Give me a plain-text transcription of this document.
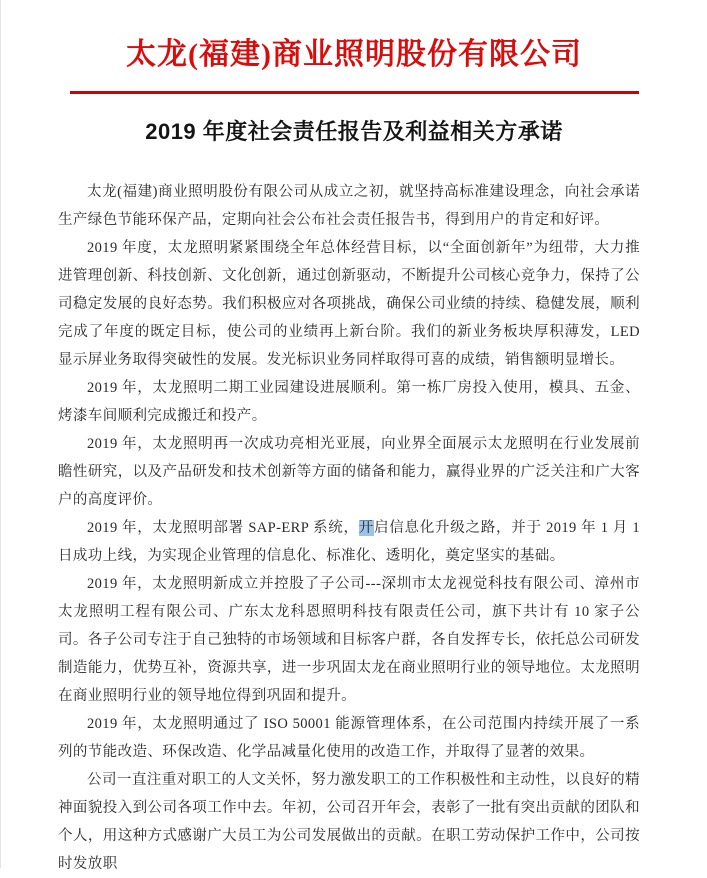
太龙(福建)商业照明股份有限公司
2019 年度社会责任报告及利益相关方承诺

太龙(福建)商业照明股份有限公司从成立之初，就坚持高标准建设理念，向社会承诺生产绿色节能环保产品，定期向社会公布社会责任报告书，得到用户的肯定和好评。

2019 年度，太龙照明紧紧围绕全年总体经营目标，以“全面创新年”为纽带，大力推进管理创新、科技创新、文化创新，通过创新驱动，不断提升公司核心竞争力，保持了公司稳定发展的良好态势。我们积极应对各项挑战，确保公司业绩的持续、稳健发展，顺利完成了年度的既定目标，使公司的业绩再上新台阶。我们的新业务板块厚积薄发，LED 显示屏业务取得突破性的发展。发光标识业务同样取得可喜的成绩，销售额明显增长。

2019 年，太龙照明二期工业园建设进展顺利。第一栋厂房投入使用，模具、五金、烤漆车间顺利完成搬迁和投产。

2019 年，太龙照明再一次成功亮相光亚展，向业界全面展示太龙照明在行业发展前瞻性研究，以及产品研发和技术创新等方面的储备和能力，赢得业界的广泛关注和广大客户的高度评价。

2019 年，太龙照明部署 SAP-ERP 系统，开启信息化升级之路，并于 2019 年 1 月 1 日成功上线，为实现企业管理的信息化、标准化、透明化，奠定坚实的基础。

2019 年，太龙照明新成立并控股了子公司---深圳市太龙视觉科技有限公司、漳州市太龙照明工程有限公司、广东太龙科恩照明科技有限责任公司，旗下共计有 10 家子公司。各子公司专注于自己独特的市场领域和目标客户群，各自发挥专长，依托总公司研发制造能力，优势互补，资源共享，进一步巩固太龙在商业照明行业的领导地位。太龙照明在商业照明行业的领导地位得到巩固和提升。

2019 年，太龙照明通过了 ISO 50001 能源管理体系，在公司范围内持续开展了一系列的节能改造、环保改造、化学品减量化使用的改造工作，并取得了显著的效果。

公司一直注重对职工的人文关怀，努力激发职工的工作积极性和主动性，以良好的精神面貌投入到公司各项工作中去。年初，公司召开年会，表彰了一批有突出贡献的团队和个人，用这种方式感谢广大员工为公司发展做出的贡献。在职工劳动保护工作中，公司按时发放职
